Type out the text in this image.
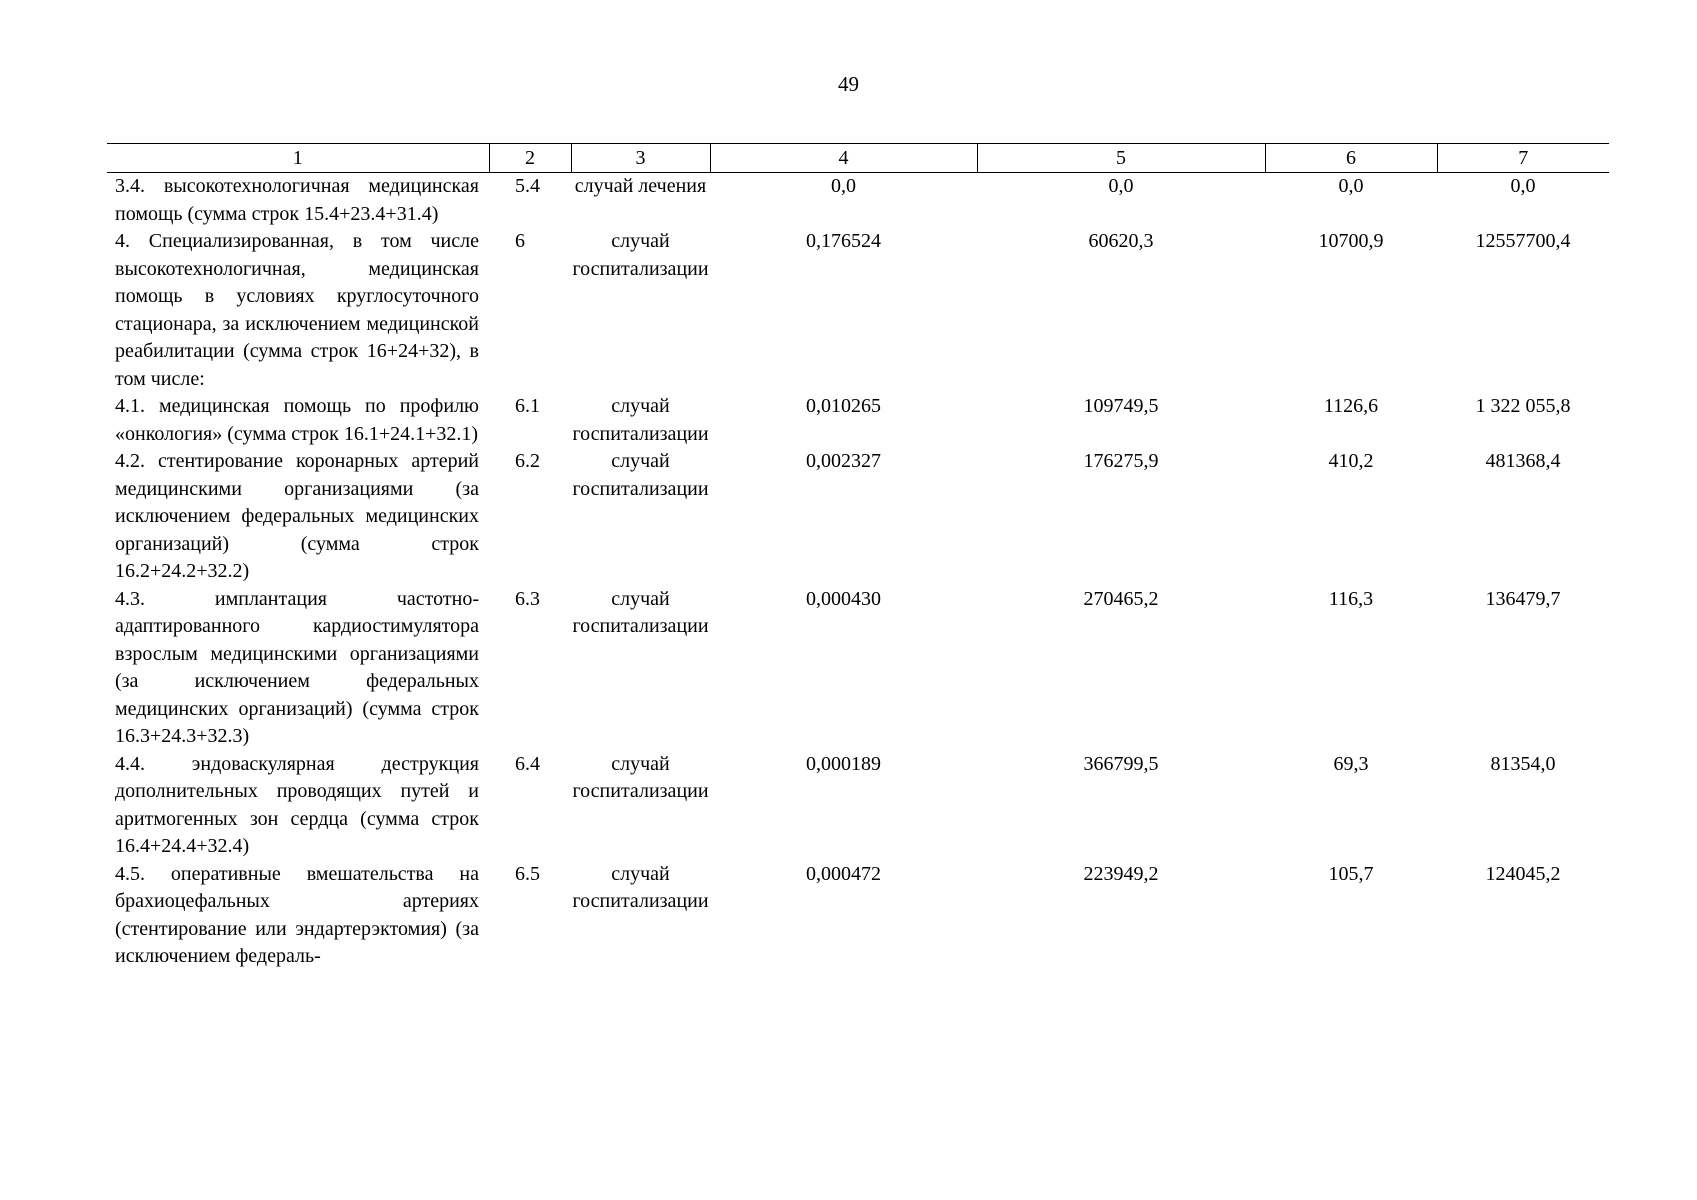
49
1	2	3	4	5	6	7
3.4. высокотехнологичная медицинская помощь (сумма строк 15.4+23.4+31.4)	5.4	случай лечения	0,0	0,0	0,0	0,0
4. Специализированная, в том числе высокотехнологичная, медицинская помощь в условиях круглосуточного стационара, за исключением медицинской реабилитации (сумма строк 16+24+32), в том числе:	6	случай госпитализации	0,176524	60620,3	10700,9	12557700,4
4.1. медицинская помощь по профилю «онкология» (сумма строк 16.1+24.1+32.1)	6.1	случай госпитализации	0,010265	109749,5	1126,6	1 322 055,8
4.2. стентирование коронарных артерий медицинскими организациями (за исключением федеральных медицинских организаций) (сумма строк 16.2+24.2+32.2)	6.2	случай госпитализации	0,002327	176275,9	410,2	481368,4
4.3. имплантация частотно-адаптированного кардиостимулятора взрослым медицинскими организациями (за исключением федеральных медицинских организаций) (сумма строк 16.3+24.3+32.3)	6.3	случай госпитализации	0,000430	270465,2	116,3	136479,7
4.4. эндоваскулярная деструкция дополнительных проводящих путей и аритмогенных зон сердца (сумма строк 16.4+24.4+32.4)	6.4	случай госпитализации	0,000189	366799,5	69,3	81354,0
4.5. оперативные вмешательства на брахиоцефальных артериях (стентирование или эндартерэктомия) (за исключением федераль-	6.5	случай госпитализации	0,000472	223949,2	105,7	124045,2
